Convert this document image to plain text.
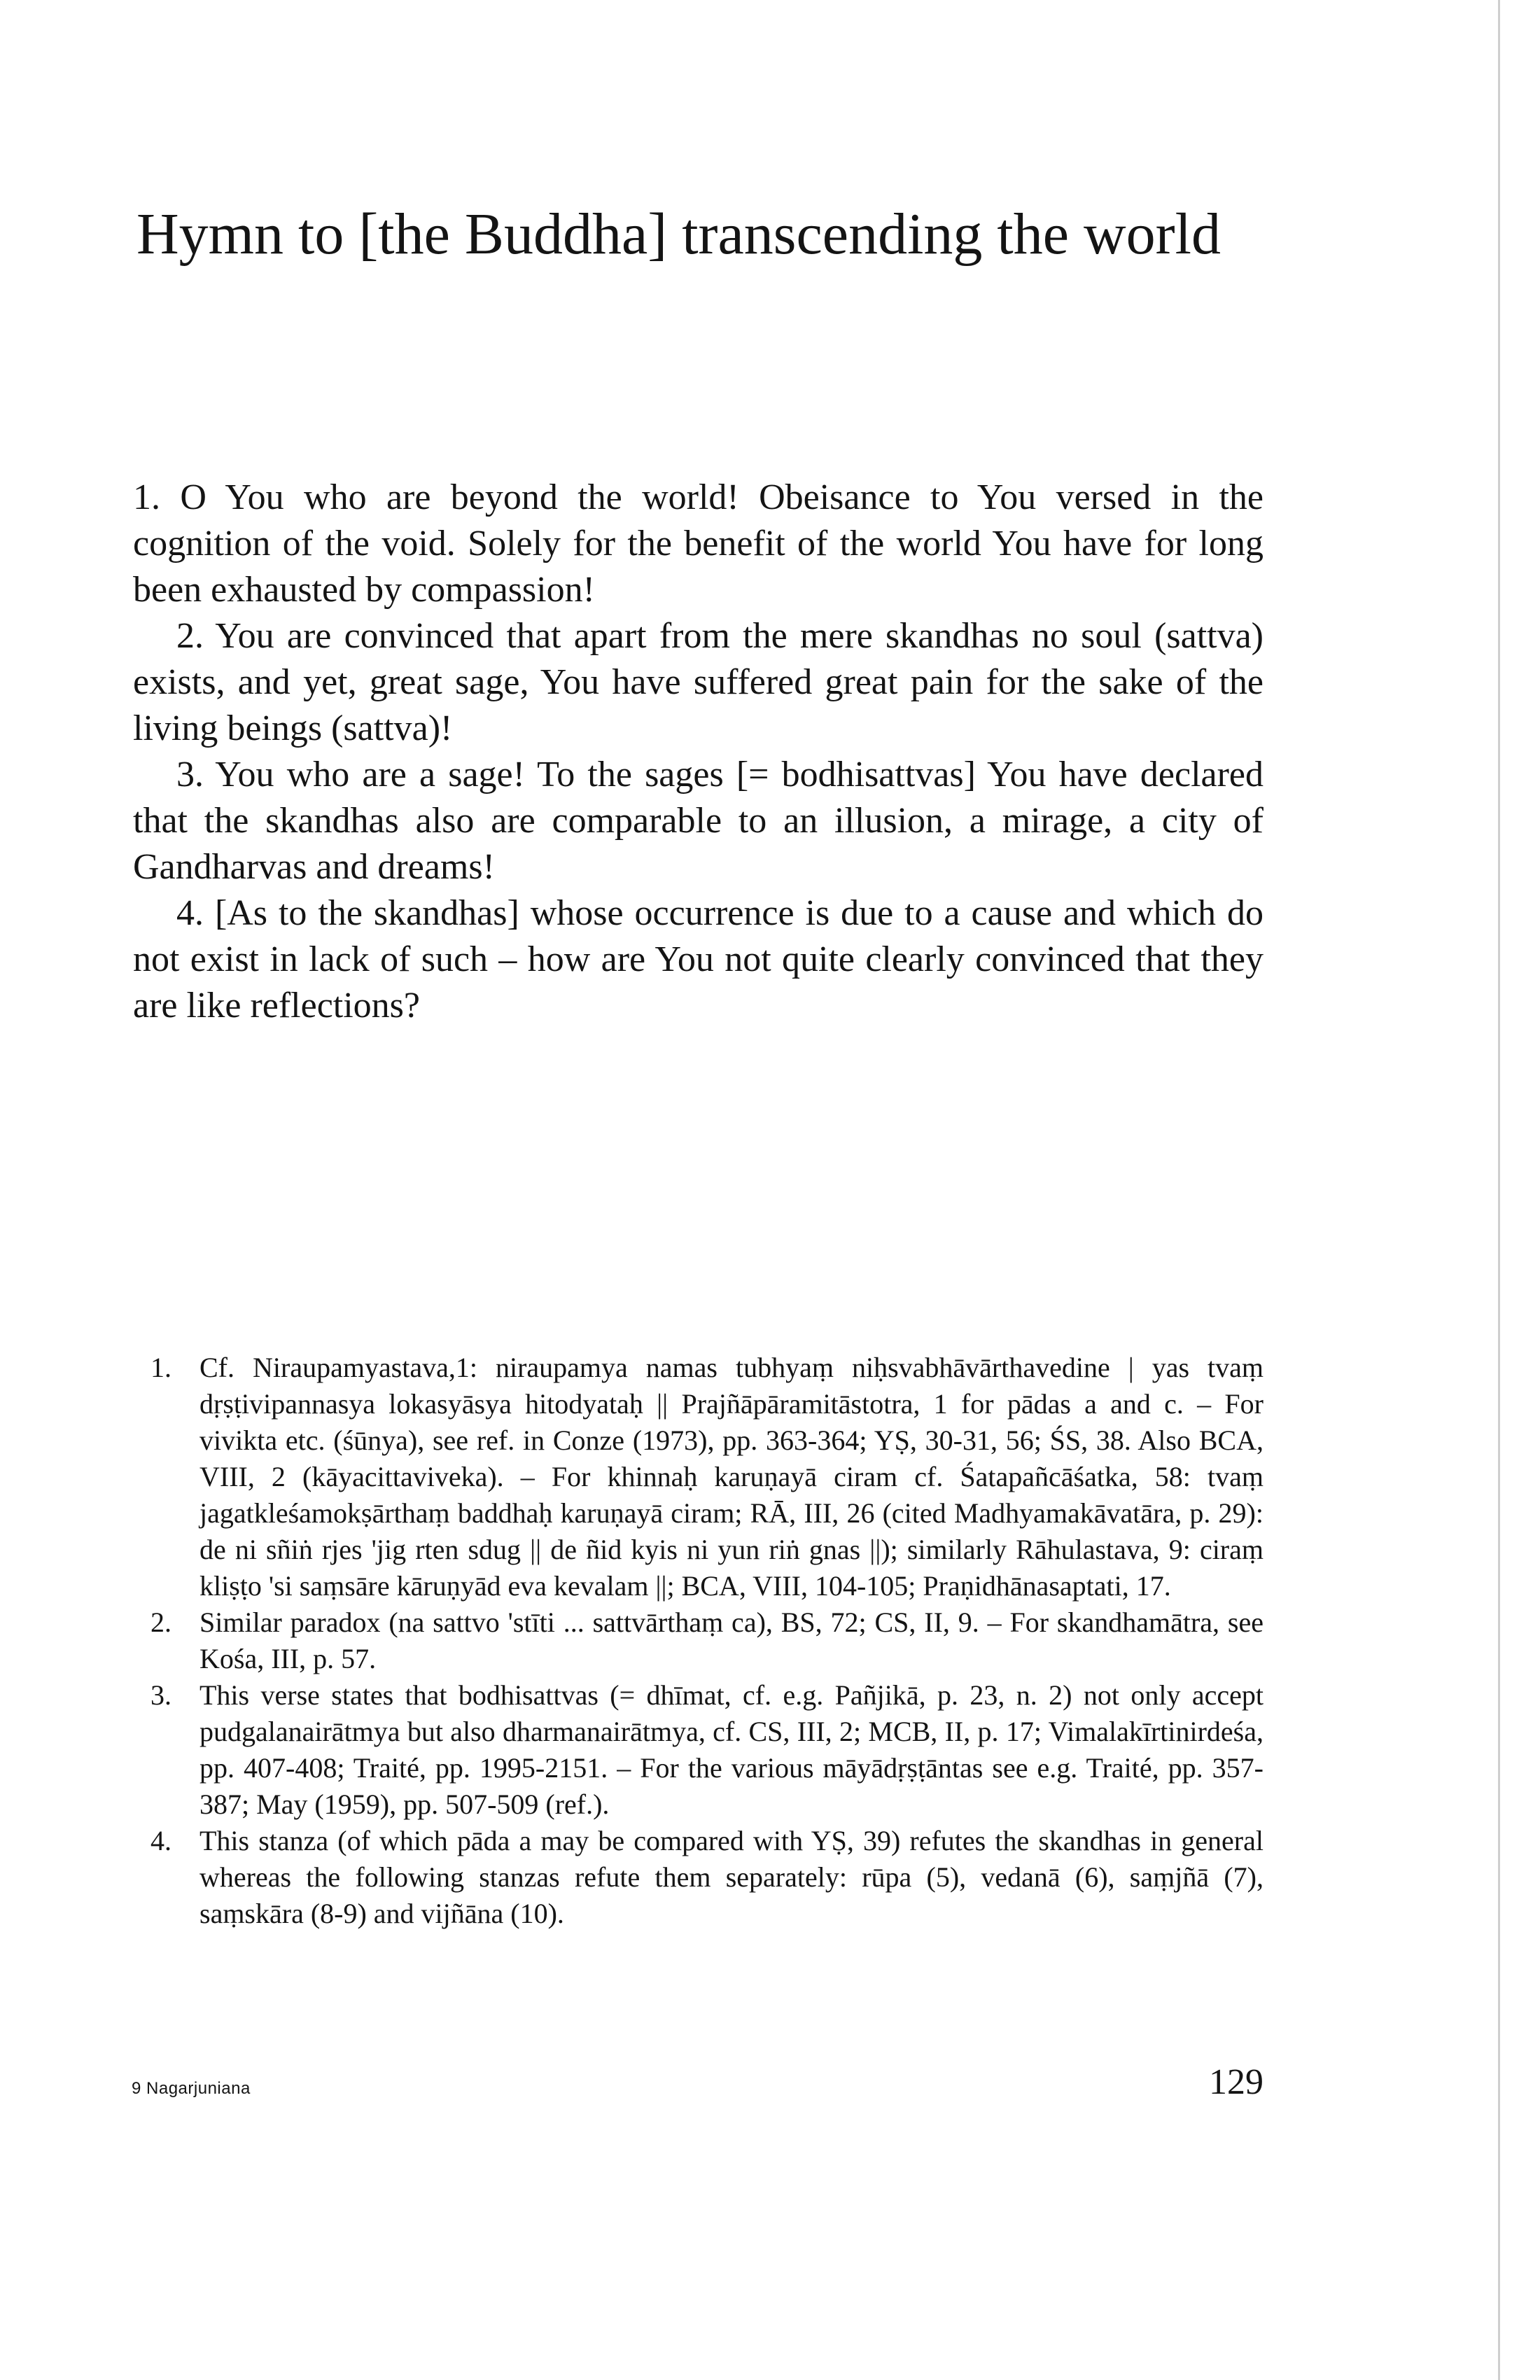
Hymn to [the Buddha] transcending the world

1. O You who are beyond the world! Obeisance to You versed in the cognition of the void. Solely for the benefit of the world You have for long been exhausted by compassion!

2. You are convinced that apart from the mere skandhas no soul (sattva) exists, and yet, great sage, You have suffered great pain for the sake of the living beings (sattva)!

3. You who are a sage! To the sages [= bodhisattvas] You have declared that the skandhas also are comparable to an illusion, a mirage, a city of Gandharvas and dreams!

4. [As to the skandhas] whose occurrence is due to a cause and which do not exist in lack of such – how are You not quite clearly convinced that they are like reflections?

1.	Cf. Niraupamyastava,1: niraupamya namas tubhyaṃ niḥsvabhāvārthavedine | yas tvaṃ dṛṣṭivipannasya lokasyāsya hitodyataḥ || Prajñāpāramitāstotra, 1 for pādas a and c. – For vivikta etc. (śūnya), see ref. in Conze (1973), pp. 363-364; YṢ, 30-31, 56; ŚS, 38. Also BCA, VIII, 2 (kāyacittaviveka). – For khinnaḥ karuṇayā ciram cf. Śatapañcāśatka, 58: tvaṃ jagatkleśamokṣārthaṃ baddhaḥ karuṇayā ciram; RĀ, III, 26 (cited Madhyamakāvatāra, p. 29): de ni sñiṅ rjes 'jig rten sdug || de ñid kyis ni yun riṅ gnas ||); similarly Rāhulastava, 9: ciraṃ kliṣṭo 'si saṃsāre kāruṇyād eva kevalam ||; BCA, VIII, 104-105; Praṇidhānasaptati, 17.
2.	Similar paradox (na sattvo 'stīti ... sattvārthaṃ ca), BS, 72; CS, II, 9. – For skandhamātra, see Kośa, III, p. 57.
3.	This verse states that bodhisattvas (= dhīmat, cf. e.g. Pañjikā, p. 23, n. 2) not only accept pudgalanairātmya but also dharmanairātmya, cf. CS, III, 2; MCB, II, p. 17; Vimalakīrtinirdeśa, pp. 407-408; Traité, pp. 1995-2151. – For the various māyādṛṣṭāntas see e.g. Traité, pp. 357-387; May (1959), pp. 507-509 (ref.).
4.	This stanza (of which pāda a may be compared with YṢ, 39) refutes the skandhas in general whereas the following stanzas refute them separately: rūpa (5), vedanā (6), saṃjñā (7), saṃskāra (8-9) and vijñāna (10).
9 Nagarjuniana	129
